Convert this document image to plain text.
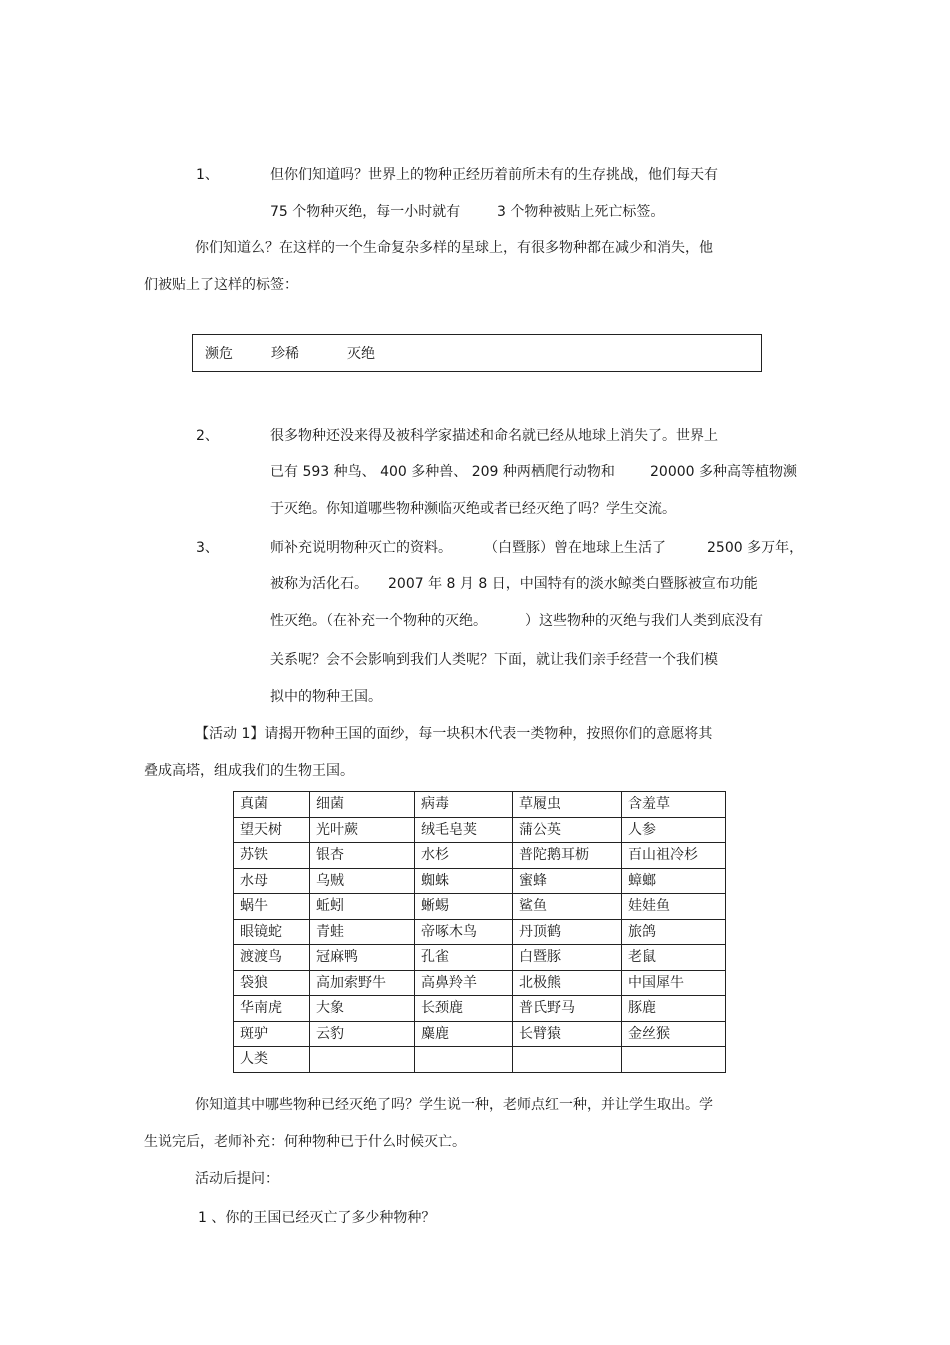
1、	但你们知道吗？世界上的物种正经历着前所未有的生存挑战，他们每天有
75 个物种灭绝，每一小时就有	3 个物种被贴上死亡标签。
你们知道么？在这样的一个生命复杂多样的星球上，有很多物种都在减少和消失，他
们被贴上了这样的标签：
濒危	珍稀	灭绝
2、	很多物种还没来得及被科学家描述和命名就已经从地球上消失了。世界上
已有 593 种鸟、 400 多种兽、 209 种两栖爬行动物和	20000 多种高等植物濒
于灭绝。你知道哪些物种濒临灭绝或者已经灭绝了吗？学生交流。
3、	师补充说明物种灭亡的资料。 （白暨豚）曾在地球上生活了	2500 多万年，
被称为活化石。 2007 年 8 月 8 日，中国特有的淡水鲸类白暨豚被宣布功能
性灭绝。（在补充一个物种的灭绝。	）这些物种的灭绝与我们人类到底没有
关系呢？会不会影响到我们人类呢？下面，就让我们亲手经营一个我们模
拟中的物种王国。
【活动 1】请揭开物种王国的面纱，每一块积木代表一类物种，按照你们的意愿将其
叠成高塔，组成我们的生物王国。
真菌	细菌	病毒	草履虫	含羞草
望天树	光叶蕨	绒毛皂荚	蒲公英	人参
苏铁	银杏	水杉	普陀鹅耳枥	百山祖冷杉
水母	乌贼	蜘蛛	蜜蜂	蟑螂
蜗牛	蚯蚓	蜥蜴	鲨鱼	娃娃鱼
眼镜蛇	青蛙	帝啄木鸟	丹顶鹤	旅鸽
渡渡鸟	冠麻鸭	孔雀	白暨豚	老鼠
袋狼	高加索野牛	高鼻羚羊	北极熊	中国犀牛
华南虎	大象	长颈鹿	普氏野马	豚鹿
斑驴	云豹	麋鹿	长臂猿	金丝猴
人类				
你知道其中哪些物种已经灭绝了吗？学生说一种，老师点红一种，并让学生取出。学
生说完后，老师补充：何种物种已于什么时候灭亡。
活动后提问：
1 、你的王国已经灭亡了多少种物种？
